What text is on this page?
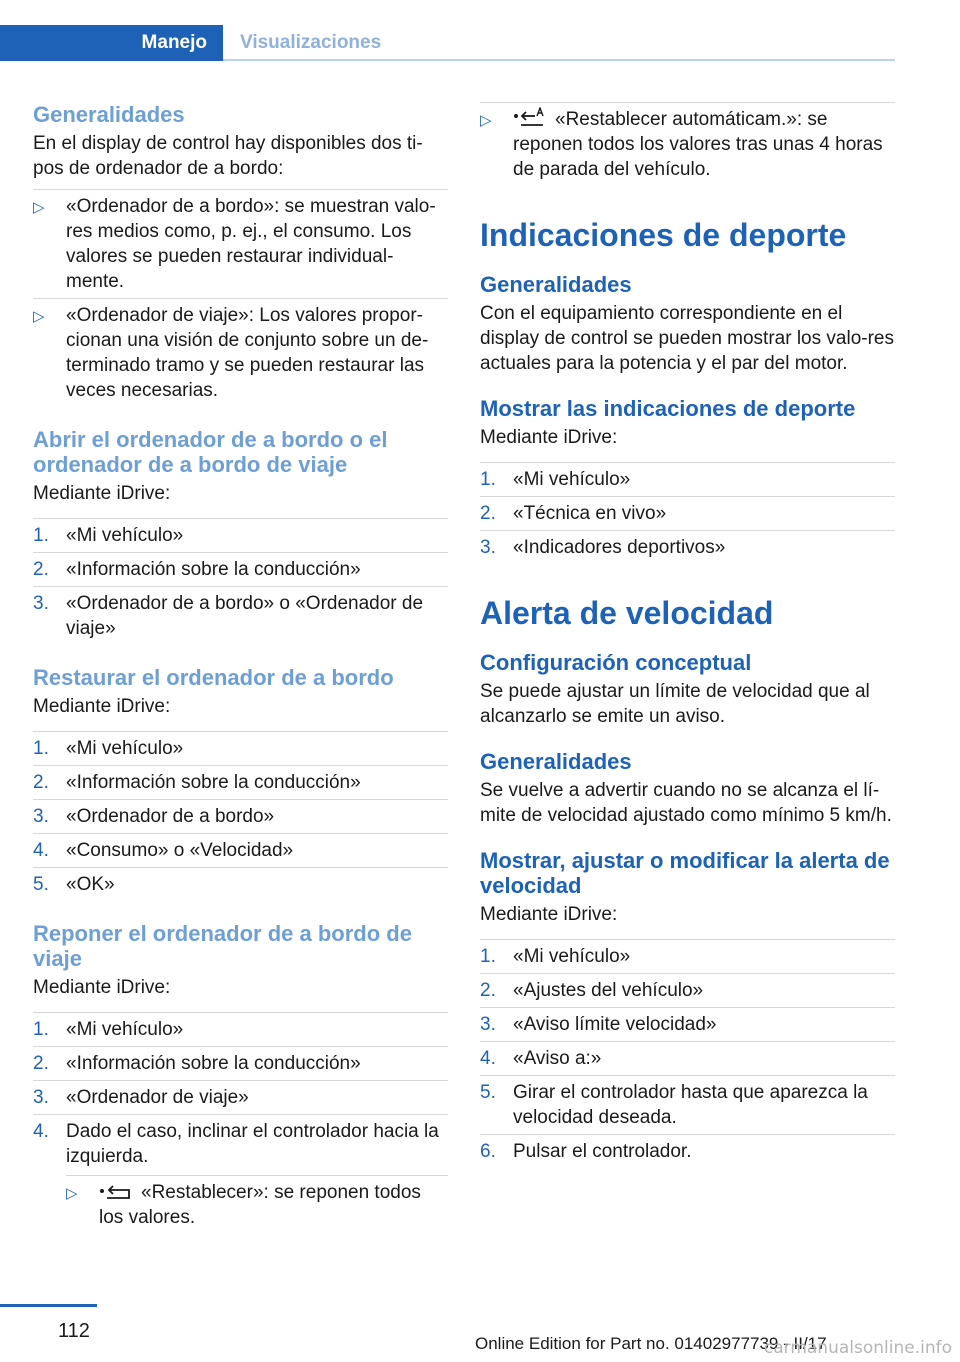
Manejo	Visualizaciones
Generalidades

En el display de control hay disponibles dos ti-pos de ordenador de a bordo:

▷ «Ordenador de a bordo»: se muestran valo-res medios como, p. ej., el consumo. Los valores se pueden restaurar individual-mente.
▷ «Ordenador de viaje»: Los valores propor-cionan una visión de conjunto sobre un de-terminado tramo y se pueden restaurar las veces necesarias.
Abrir el ordenador de a bordo o el ordenador de a bordo de viaje

Mediante iDrive:

1. «Mi vehículo»
2. «Información sobre la conducción»
3. «Ordenador de a bordo» o «Ordenador de viaje»
Restaurar el ordenador de a bordo

Mediante iDrive:

1. «Mi vehículo»
2. «Información sobre la conducción»
3. «Ordenador de a bordo»
4. «Consumo» o «Velocidad»
5. «OK»
Reponer el ordenador de a bordo de viaje

Mediante iDrive:

1. «Mi vehículo»
2. «Información sobre la conducción»
3. «Ordenador de viaje»
4. Dado el caso, inclinar el controlador hacia la izquierda.
▷	«Restablecer»: se reponen todos los valores.
▷	«Restablecer automáticam.»: se reponen todos los valores tras unas 4 horas de parada del vehículo.
Indicaciones de deporte
Generalidades

Con el equipamiento correspondiente en el display de control se pueden mostrar los valo-res actuales para la potencia y el par del motor.

Mostrar las indicaciones de deporte

Mediante iDrive:

1. «Mi vehículo»
2. «Técnica en vivo»
3. «Indicadores deportivos»
Alerta de velocidad
Configuración conceptual

Se puede ajustar un límite de velocidad que al alcanzarlo se emite un aviso.

Generalidades

Se vuelve a advertir cuando no se alcanza el lí-mite de velocidad ajustado como mínimo 5 km/h.

Mostrar, ajustar o modificar la alerta de velocidad

Mediante iDrive:

1. «Mi vehículo»
2. «Ajustes del vehículo»
3. «Aviso límite velocidad»
4. «Aviso a:»
5. Girar el controlador hasta que aparezca la velocidad deseada.
6. Pulsar el controlador.
112
Online Edition for Part no. 01402977739 - II/17
carmanualsonline.info
